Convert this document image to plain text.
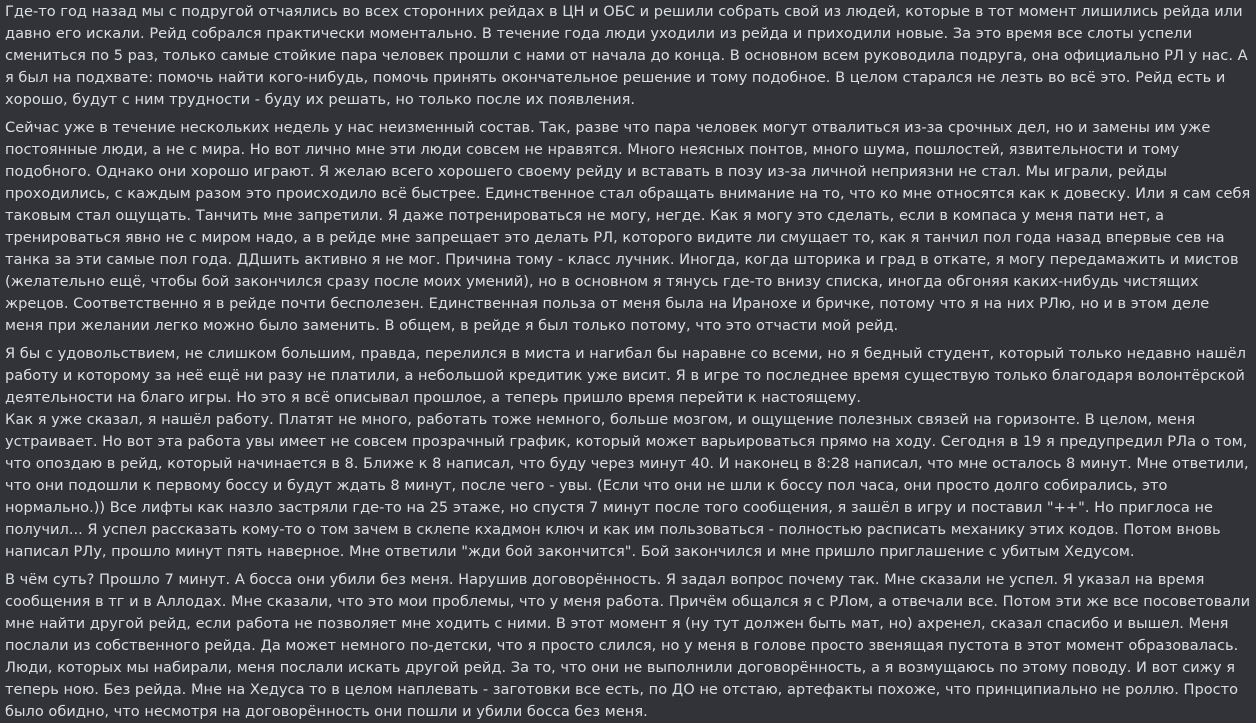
Где-то год назад мы с подругой отчаялись во всех сторонних рейдах в ЦН и ОБС и решили собрать свой из людей, которые в тот момент лишились рейда или давно его искали. Рейд собрался практически моментально. В течение года люди уходили из рейда и приходили новые. За это время все слоты успели смениться по 5 раз, только самые стойкие пара человек прошли с нами от начала до конца. В основном всем руководила подруга, она официально РЛ у нас. А я был на подхвате: помочь найти кого-нибудь, помочь принять окончательное решение и тому подобное. В целом старался не лезть во всё это. Рейд есть и хорошо, будут с ним трудности - буду их решать, но только после их появления.

Сейчас уже в течение нескольких недель у нас неизменный состав. Так, разве что пара человек могут отвалиться из-за срочных дел, но и замены им уже постоянные люди, а не с мира. Но вот лично мне эти люди совсем не нравятся. Много неясных понтов, много шума, пошлостей, язвительности и тому подобного. Однако они хорошо играют. Я желаю всего хорошего своему рейду и вставать в позу из-за личной неприязни не стал. Мы играли, рейды проходились, с каждым разом это происходило всё быстрее. Единственное стал обращать внимание на то, что ко мне относятся как к довеску. Или я сам себя таковым стал ощущать. Танчить мне запретили. Я даже потренироваться не могу, негде. Как я могу это сделать, если в компаса у меня пати нет, а тренироваться явно не с миром надо, а в рейде мне запрещает это делать РЛ, которого видите ли смущает то, как я танчил пол года назад впервые сев на танка за эти самые пол года. ДДшить активно я не мог. Причина тому - класс лучник. Иногда, когда шторика и град в откате, я могу передамажить и мистов (желательно ещё, чтобы бой закончился сразу после моих умений), но в основном я тянусь где-то внизу списка, иногда обгоняя каких-нибудь чистящих жрецов. Соответственно я в рейде почти бесполезен. Единственная польза от меня была на Иранохе и бричке, потому что я на них РЛю, но и в этом деле меня при желании легко можно было заменить. В общем, в рейде я был только потому, что это отчасти мой рейд.

Я бы с удовольствием, не слишком большим, правда, перелился в миста и нагибал бы наравне со всеми, но я бедный студент, который только недавно нашёл работу и которому за неё ещё ни разу не платили, а небольшой кредитик уже висит. Я в игре то последнее время существую только благодаря волонтёрской деятельности на благо игры. Но это я всё описывал прошлое, а теперь пришло время перейти к настоящему.
Как я уже сказал, я нашёл работу. Платят не много, работать тоже немного, больше мозгом, и ощущение полезных связей на горизонте. В целом, меня устраивает. Но вот эта работа увы имеет не совсем прозрачный график, который может варьироваться прямо на ходу. Сегодня в 19 я предупредил РЛа о том, что опоздаю в рейд, который начинается в 8. Ближе к 8 написал, что буду через минут 40. И наконец в 8:28 написал, что мне осталось 8 минут. Мне ответили, что они подошли к первому боссу и будут ждать 8 минут, после чего - увы. (Если что они не шли к боссу пол часа, они просто долго собирались, это нормально.)) Все лифты как назло застряли где-то на 25 этаже, но спустя 7 минут после того сообщения, я зашёл в игру и поставил "++". Но приглоса не получил... Я успел рассказать кому-то о том зачем в склепе кхадмон ключ и как им пользоваться - полностью расписать механику этих кодов. Потом вновь написал РЛу, прошло минут пять наверное. Мне ответили "жди бой закончится". Бой закончился и мне пришло приглашение с убитым Хедусом.

В чём суть? Прошло 7 минут. А босса они убили без меня. Нарушив договорённость. Я задал вопрос почему так. Мне сказали не успел. Я указал на время сообщения в тг и в Аллодах. Мне сказали, что это мои проблемы, что у меня работа. Причём общался я с РЛом, а отвечали все. Потом эти же все посоветовали мне найти другой рейд, если работа не позволяет мне ходить с ними. В этот момент я (ну тут должен быть мат, но) ахренел, сказал спасибо и вышел. Меня послали из собственного рейда. Да может немного по-детски, что я просто слился, но у меня в голове просто звенящая пустота в этот момент образовалась. Люди, которых мы набирали, меня послали искать другой рейд. За то, что они не выполнили договорённость, а я возмущаюсь по этому поводу. И вот сижу я теперь ною. Без рейда. Мне на Хедуса то в целом наплевать - заготовки все есть, по ДО не отстаю, артефакты похоже, что принципиально не роллю. Просто было обидно, что несмотря на договорённость они пошли и убили босса без меня.
